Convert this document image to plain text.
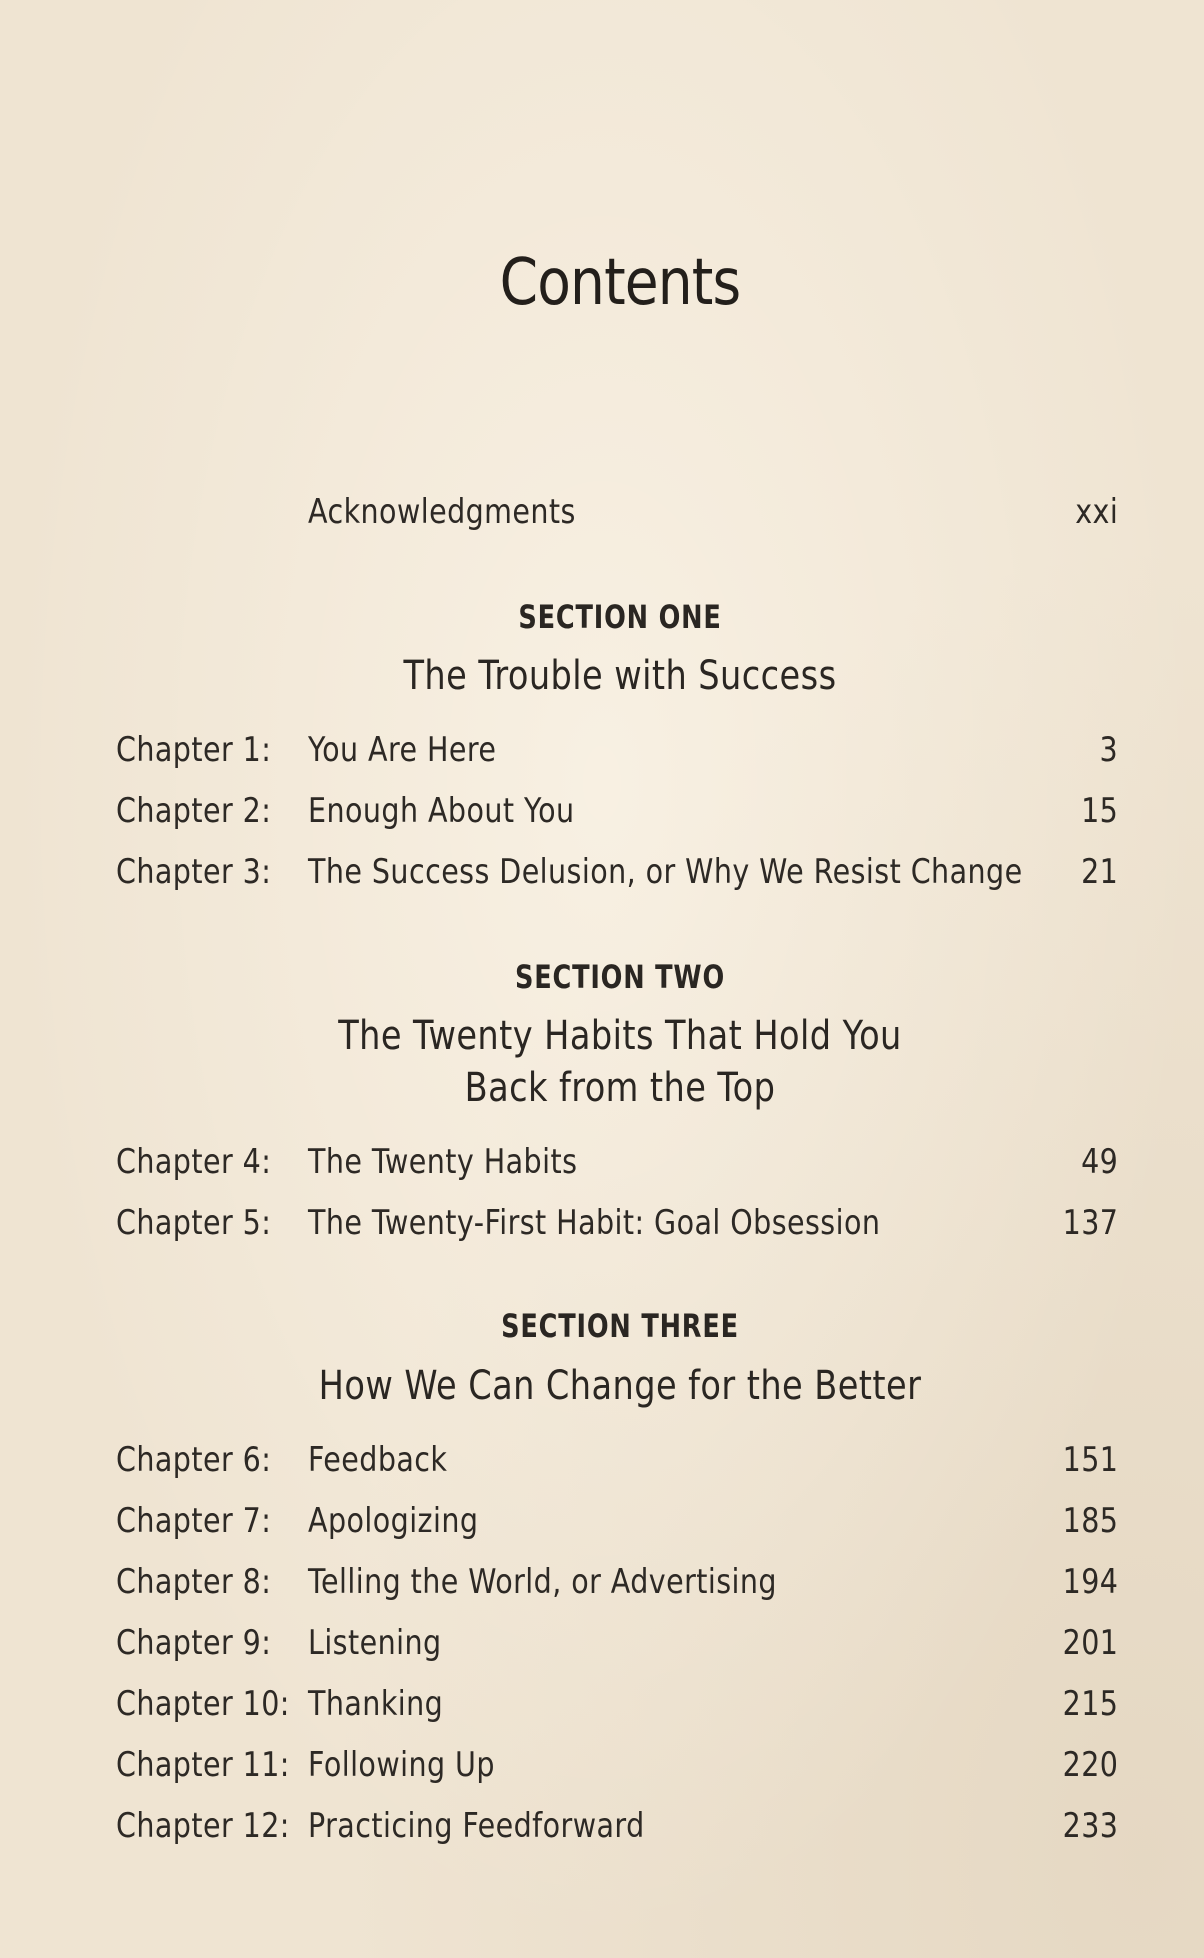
Contents
Acknowledgments	xxi
SECTION ONE
The Trouble with Success
Chapter 1: You Are Here	3
Chapter 2: Enough About You	15
Chapter 3: The Success Delusion, or Why We Resist Change 21
SECTION TWO
The Twenty Habits That Hold You
Back from the Top
Chapter 4: The Twenty Habits	49
Chapter 5: The Twenty-First Habit: Goal Obsession	137
SECTION THREE
How We Can Change for the Better
Chapter 6: Feedback	151
Chapter 7: Apologizing	185
Chapter 8: Telling the World, or Advertising	194
Chapter 9: Listening	201
Chapter 10: Thanking	215
Chapter 11: Following Up	220
Chapter 12: Practicing Feedforward	233
